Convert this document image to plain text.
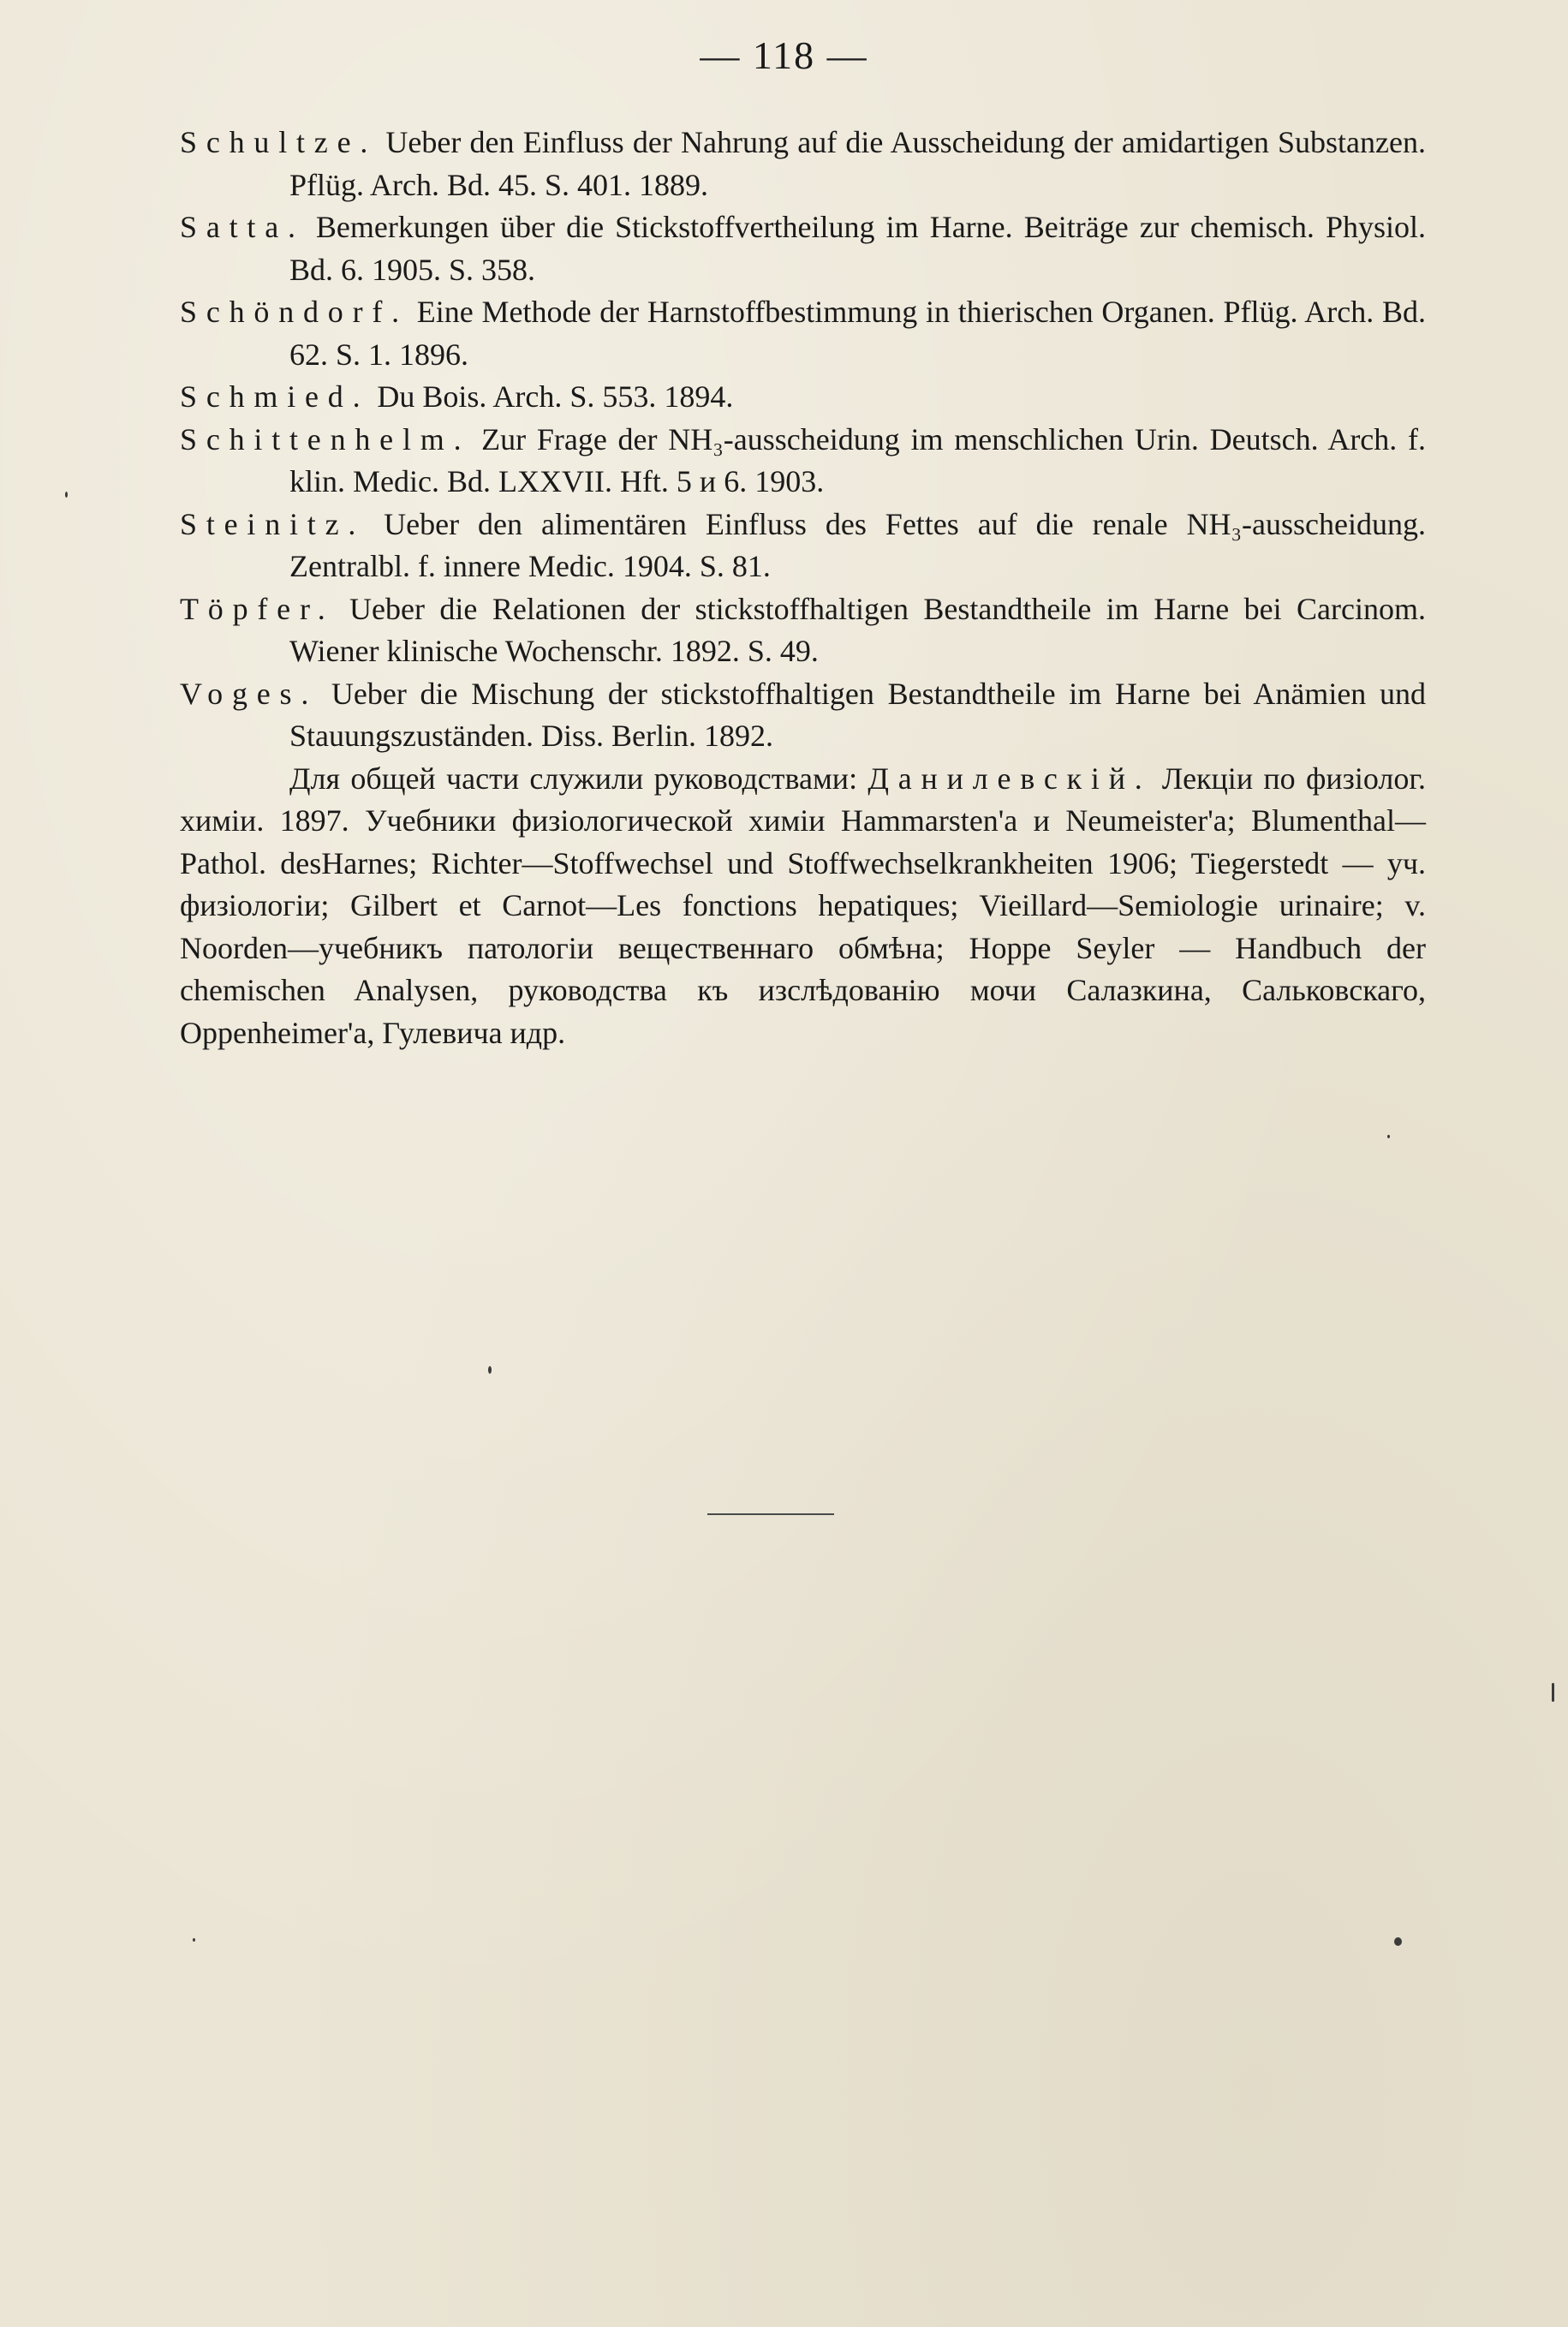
— 118 —

Schultze. Ueber den Einfluss der Nahrung auf die Ausscheidung der amidartigen Substanzen. Pflüg. Arch. Bd. 45. S. 401. 1889.

Satta. Bemerkungen über die Stickstoffvertheilung im Harne. Beiträge zur chemisch. Physiol. Bd. 6. 1905. S. 358.

Schöndorf. Eine Methode der Harnstoffbestimmung in thierischen Organen. Pflüg. Arch. Bd. 62. S. 1. 1896.

Schmied. Du Bois. Arch. S. 553. 1894.

Schittenhelm. Zur Frage der NH₃-ausscheidung im menschlichen Urin. Deutsch. Arch. f. klin. Medic. Bd. LXXVII. Hft. 5 и 6. 1903.

Steinitz. Ueber den alimentären Einfluss des Fettes auf die renale NH₃-ausscheidung. Zentralbl. f. innere Medic. 1904. S. 81.

Töpfer. Ueber die Relationen der stickstoffhaltigen Bestandtheile im Harne bei Carcinom. Wiener klinische Wochenschr. 1892. S. 49.

Voges. Ueber die Mischung der stickstoffhaltigen Bestandtheile im Harne bei Anämien und Stauungszuständen. Diss. Berlin. 1892.

Для общей части служили руководствами: Данилевскій. Лекціи по физіолог. химіи. 1897. Учебники физіологической химіи Hammarsten'a и Neumeister'a; Blumenthal—Pathol. desHarnes; Richter—Stoffwechsel und Stoffwechselkrankheiten 1906; Tiegerstedt — уч. физіологіи; Gilbert et Carnot—Les fonctions hepatiques; Vieillard—Semiologie urinaire; v. Noorden—учебникъ патологіи вещественнаго обмѣна; Hoppe Seyler — Handbuch der chemischen Analysen, руководства къ изслѣдованію мочи Салазкина, Сальковскаго, Oppenheimer'a, Гулевича идр.
